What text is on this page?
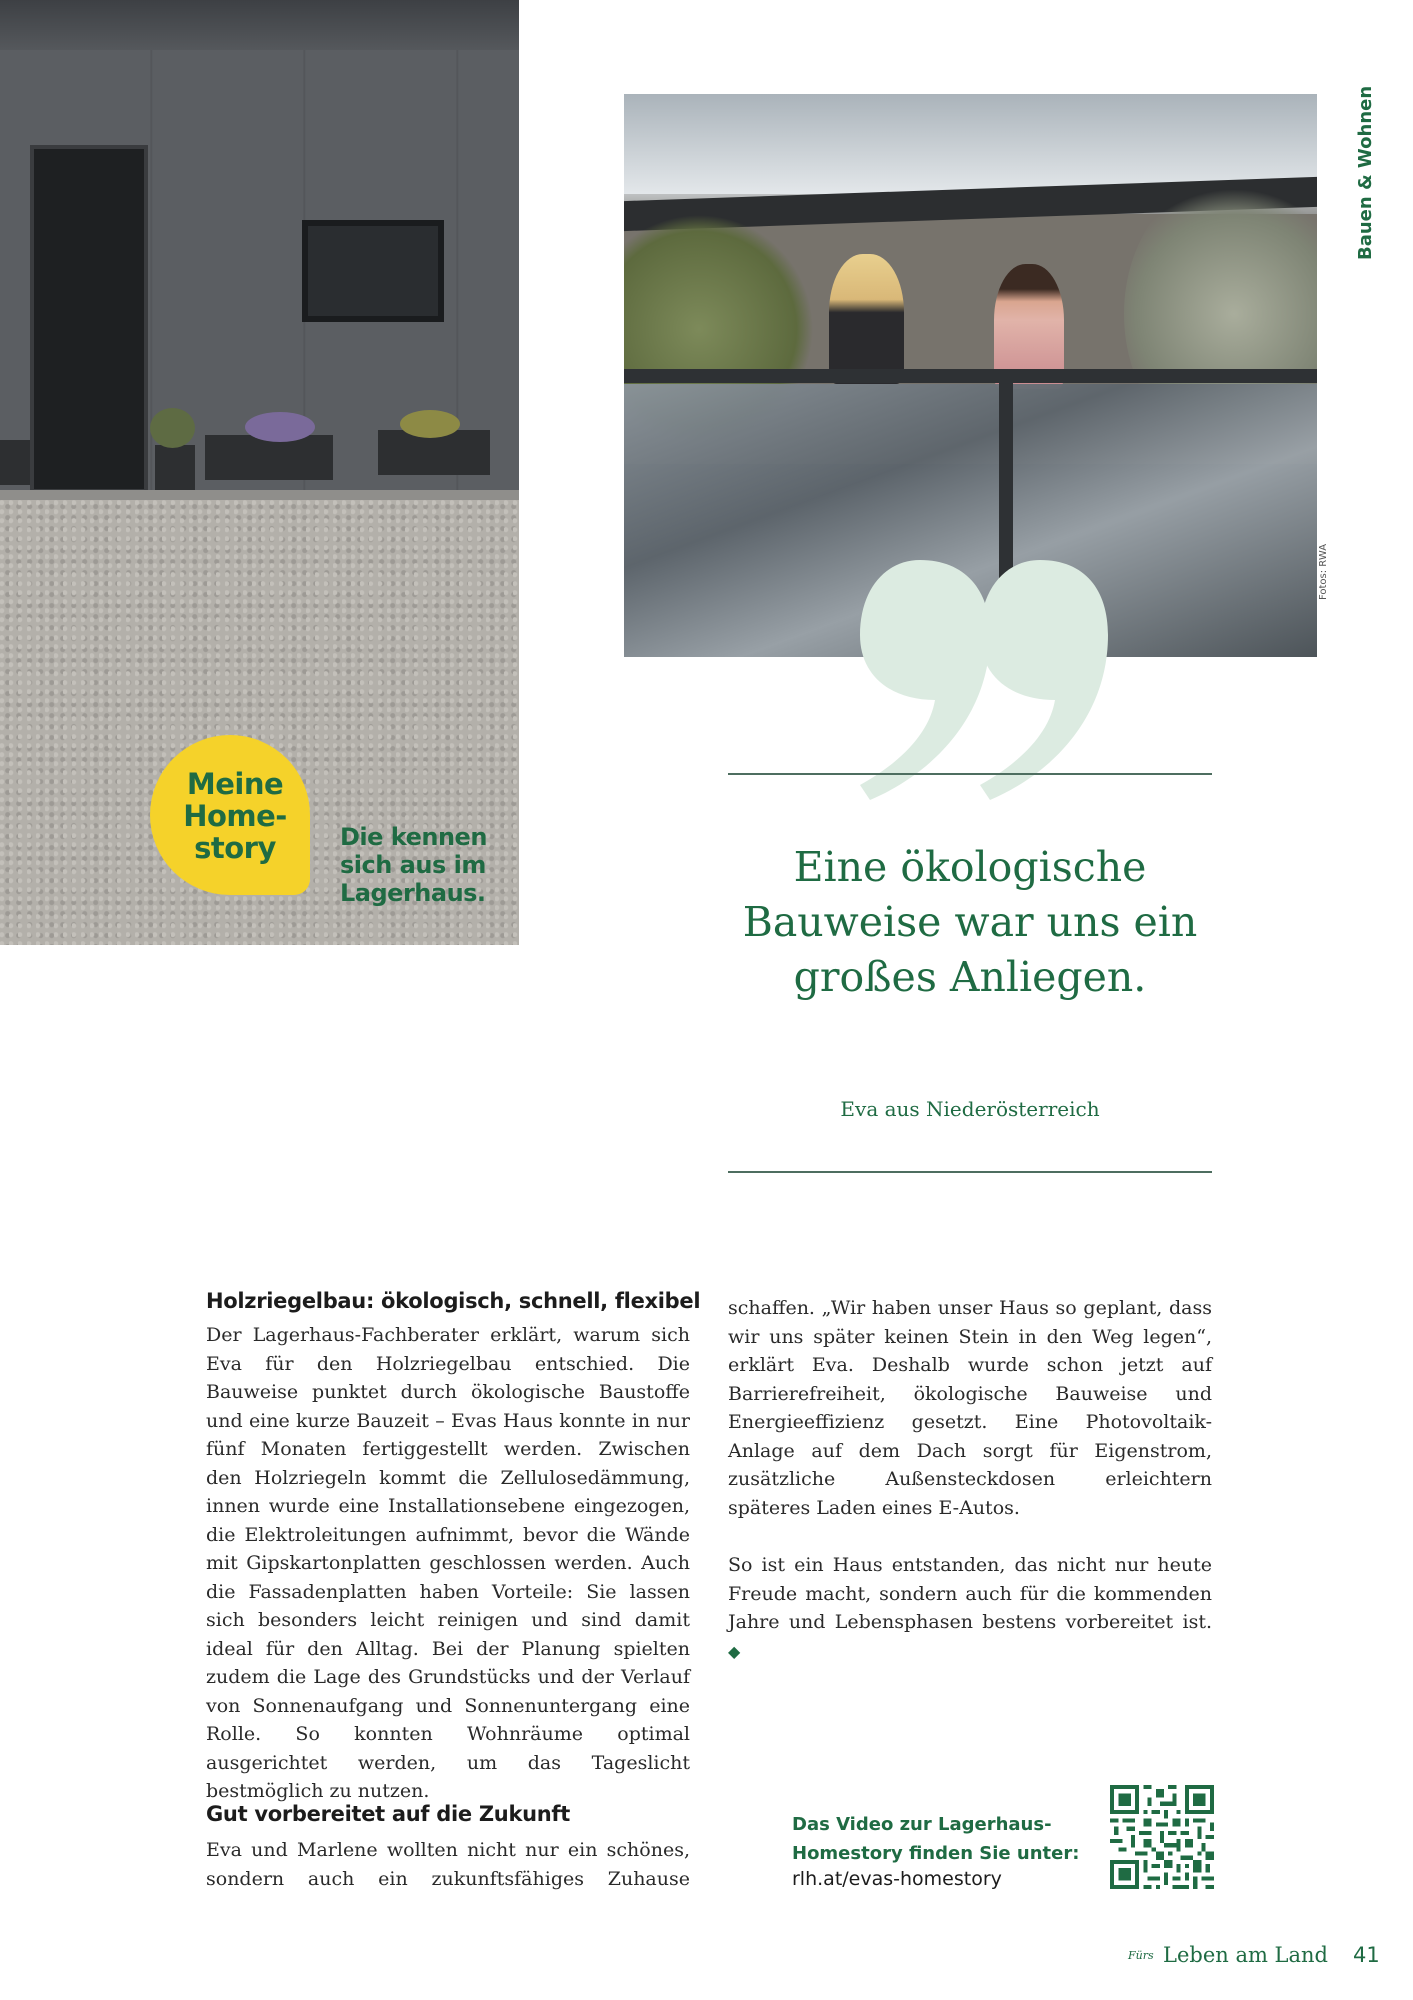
Meine Home-story	Die kennen sich aus im Lagerhaus.
Fotos: RWA
Bauen & Wohnen
Eine ökologische Bauweise war uns ein großes Anliegen.
Eva aus Niederösterreich
Holzriegelbau: ökologisch, schnell, flexibel
Der Lagerhaus-Fachberater erklärt, warum sich Eva für den Holzriegelbau entschied. Die Bauweise punktet durch ökologische Baustoffe und eine kurze Bauzeit – Evas Haus konnte in nur fünf Monaten fertiggestellt werden. Zwischen den Holzriegeln kommt die Zellulosedämmung, innen wurde eine Installationsebene eingezogen, die Elektroleitungen aufnimmt, bevor die Wände mit Gipskartonplatten geschlossen werden. Auch die Fassadenplatten haben Vorteile: Sie lassen sich besonders leicht reinigen und sind damit ideal für den Alltag. Bei der Planung spielten zudem die Lage des Grundstücks und der Verlauf von Sonnenaufgang und Sonnenuntergang eine Rolle. So konnten Wohnräume optimal ausgerichtet werden, um das Tageslicht bestmöglich zu nutzen.
Gut vorbereitet auf die Zukunft
Eva und Marlene wollten nicht nur ein schönes, sondern auch ein zukunftsfähiges Zuhause
schaffen. „Wir haben unser Haus so geplant, dass wir uns später keinen Stein in den Weg legen“, erklärt Eva. Deshalb wurde schon jetzt auf Barrierefreiheit, ökologische Bauweise und Energieeffizienz gesetzt. Eine Photovoltaik-Anlage auf dem Dach sorgt für Eigenstrom, zusätzliche Außensteckdosen erleichtern späteres Laden eines E-Autos.
So ist ein Haus entstanden, das nicht nur heute Freude macht, sondern auch für die kommenden Jahre und Lebensphasen bestens vorbereitet ist. ◆
Das Video zur Lagerhaus-Homestory finden Sie unter:
rlh.at/evas-homestory
Fürs Leben am Land 41
